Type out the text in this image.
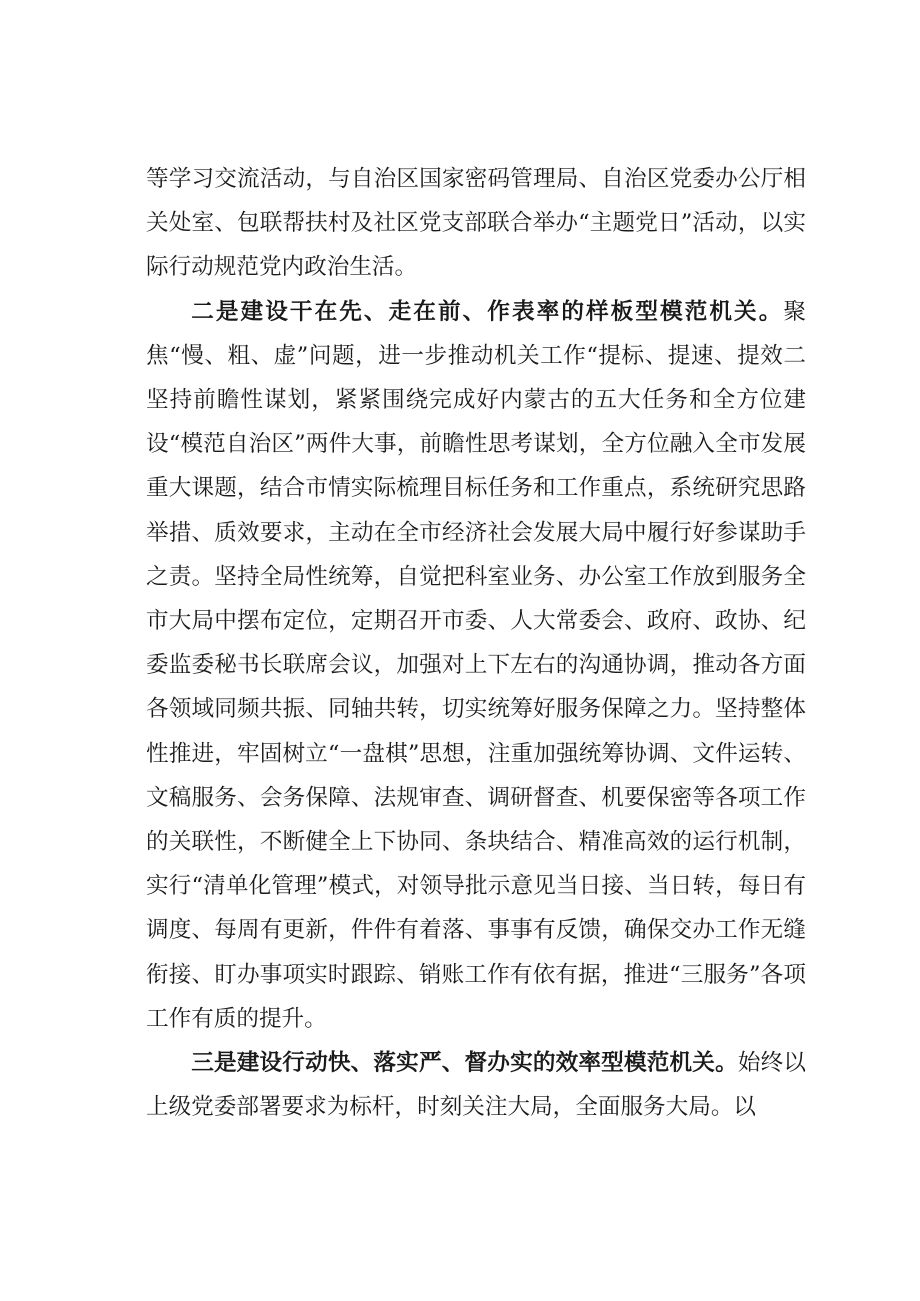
等学习交流活动，与自治区国家密码管理局、自治区党委办公厅相关处室、包联帮扶村及社区党支部联合举办“主题党日”活动，以实际行动规范党内政治生活。

二是建设干在先、走在前、作表率的样板型模范机关。聚焦“慢、粗、虚”问题，进一步推动机关工作“提标、提速、提效二坚持前瞻性谋划，紧紧围绕完成好内蒙古的五大任务和全方位建设“模范自治区”两件大事，前瞻性思考谋划，全方位融入全市发展重大课题，结合市情实际梳理目标任务和工作重点，系统研究思路举措、质效要求，主动在全市经济社会发展大局中履行好参谋助手之责。坚持全局性统筹，自觉把科室业务、办公室工作放到服务全市大局中摆布定位，定期召开市委、人大常委会、政府、政协、纪委监委秘书长联席会议，加强对上下左右的沟通协调，推动各方面各领域同频共振、同轴共转，切实统筹好服务保障之力。坚持整体性推进，牢固树立“一盘棋”思想，注重加强统筹协调、文件运转、文稿服务、会务保障、法规审查、调研督查、机要保密等各项工作的关联性，不断健全上下协同、条块结合、精准高效的运行机制，实行“清单化管理”模式，对领导批示意见当日接、当日转，每日有调度、每周有更新，件件有着落、事事有反馈，确保交办工作无缝衔接、盯办事项实时跟踪、销账工作有依有据，推进“三服务”各项工作有质的提升。

三是建设行动快、落实严、督办实的效率型模范机关。始终以上级党委部署要求为标杆，时刻关注大局，全面服务大局。以
